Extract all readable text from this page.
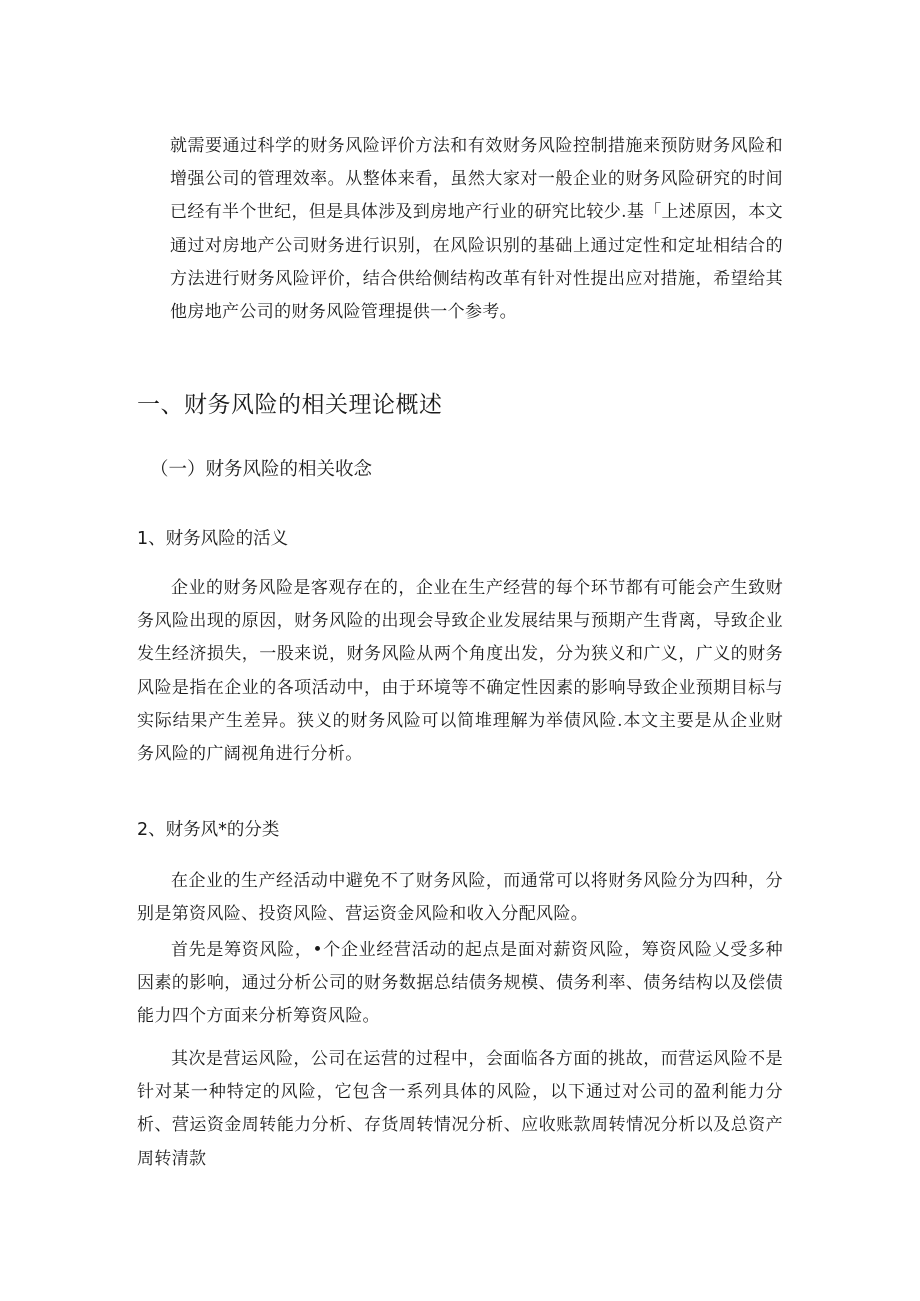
就需要通过科学的财务风险评价方法和有效财务风险控制措施来预防财务风险和增强公司的管理效率。从整体来看，虽然大家对一般企业的财务风险研究的时间已经有半个世纪，但是具体涉及到房地产行业的研究比较少.基「上述原因，本文通过对房地产公司财务进行识别，在风险识别的基础上通过定性和定址相结合的方法进行财务风险评价，结合供给侧结构改革有针对性提出应对措施，希望给其他房地产公司的财务风险管理提供一个参考。

一、财务风险的相关理论概述
（一）财务风险的相关收念
1、财务风险的活义

企业的财务风险是客观存在的，企业在生产经营的每个环节都有可能会产生致财务风险出现的原因，财务风险的出现会导致企业发展结果与预期产生背离，导致企业发生经济损失，一股来说，财务风险从两个角度出发，分为狭义和广义，广义的财务风险是指在企业的各项活动中，由于环境等不确定性因素的影响导致企业预期目标与实际结果产生差异。狭义的财务风险可以简堆理解为举债风险.本文主要是从企业财务风险的广阔视角进行分析。

2、财务风*的分类

在企业的生产经活动中避免不了财务风险，而通常可以将财务风险分为四种，分别是第资风险、投资风险、营运资金风险和收入分配风险。

首先是筹资风险，•个企业经营活动的起点是面对薪资风险，筹资风险乂受多种因素的影响，通过分析公司的财务数据总结债务规模、债务利率、债务结构以及偿债能力四个方面来分析筹资风险。

其次是营运风险，公司在运营的过程中，会面临各方面的挑故，而营运风险不是针对某一种特定的风险，它包含一系列具体的风险，以下通过对公司的盈利能力分析、营运资金周转能力分析、存货周转情况分析、应收账款周转情况分析以及总资产周转清款
